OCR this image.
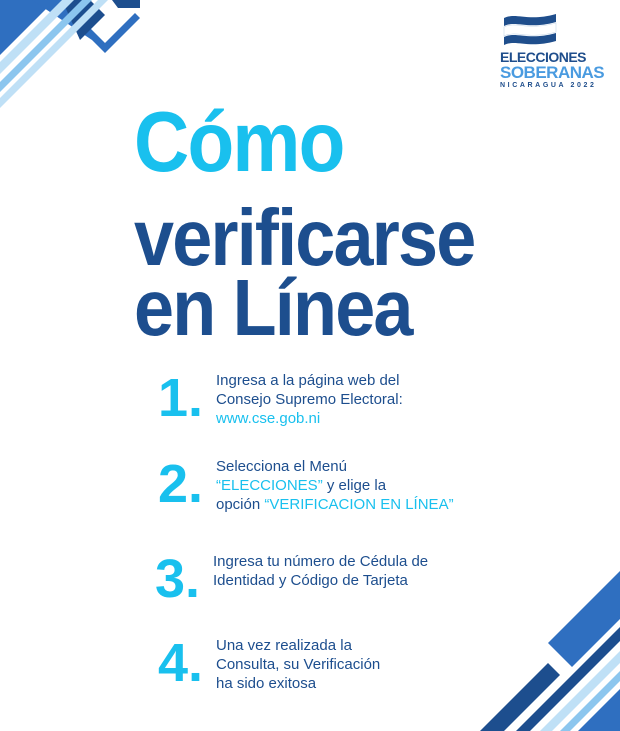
ELECCIONES
SOBERANAS
NICARAGUA 2022
Cómo
verificarse
en Línea
1. Ingresa a la página web del
Consejo Supremo Electoral:
www.cse.gob.ni
2. Selecciona el Menú
“ELECCIONES” y elige la
opción “VERIFICACION EN LÍNEA”
3. Ingresa tu número de Cédula de
Identidad y Código de Tarjeta
4. Una vez realizada la
Consulta, su Verificación
ha sido exitosa
